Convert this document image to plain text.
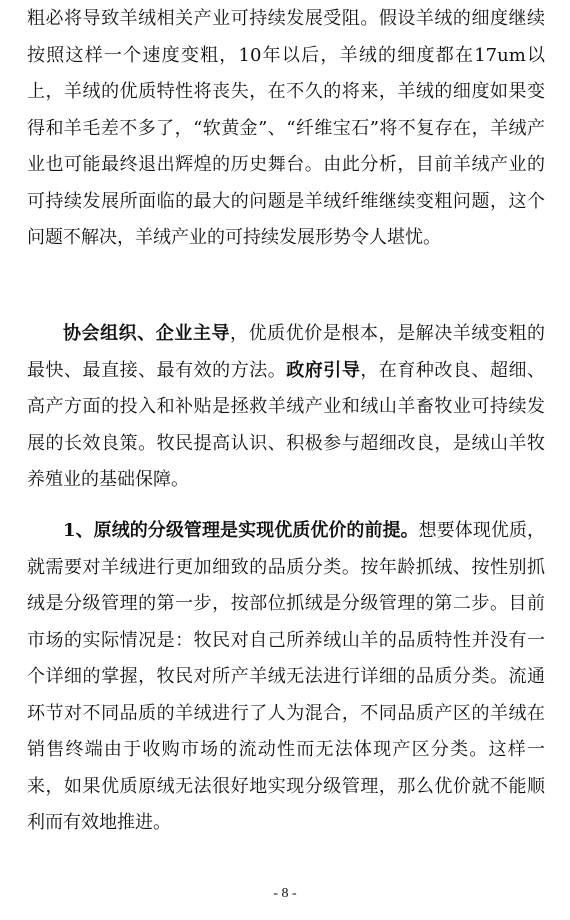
粗必将导致羊绒相关产业可持续发展受阻。假设羊绒的细度继续按照这样一个速度变粗，10年以后，羊绒的细度都在17um以上，羊绒的优质特性将丧失，在不久的将来，羊绒的细度如果变得和羊毛差不多了，“软黄金”、“纤维宝石”将不复存在，羊绒产业也可能最终退出辉煌的历史舞台。由此分析，目前羊绒产业的可持续发展所面临的最大的问题是羊绒纤维继续变粗问题，这个问题不解决，羊绒产业的可持续发展形势令人堪忧。

协会组织、企业主导，优质优价是根本，是解决羊绒变粗的最快、最直接、最有效的方法。政府引导，在育种改良、超细、高产方面的投入和补贴是拯救羊绒产业和绒山羊畜牧业可持续发展的长效良策。牧民提高认识、积极参与超细改良，是绒山羊牧养殖业的基础保障。

1、原绒的分级管理是实现优质优价的前提。想要体现优质，就需要对羊绒进行更加细致的品质分类。按年龄抓绒、按性别抓绒是分级管理的第一步，按部位抓绒是分级管理的第二步。目前市场的实际情况是：牧民对自己所养绒山羊的品质特性并没有一个详细的掌握，牧民对所产羊绒无法进行详细的品质分类。流通环节对不同品质的羊绒进行了人为混合，不同品质产区的羊绒在销售终端由于收购市场的流动性而无法体现产区分类。这样一来，如果优质原绒无法很好地实现分级管理，那么优价就不能顺利而有效地推进。

- 8 -
